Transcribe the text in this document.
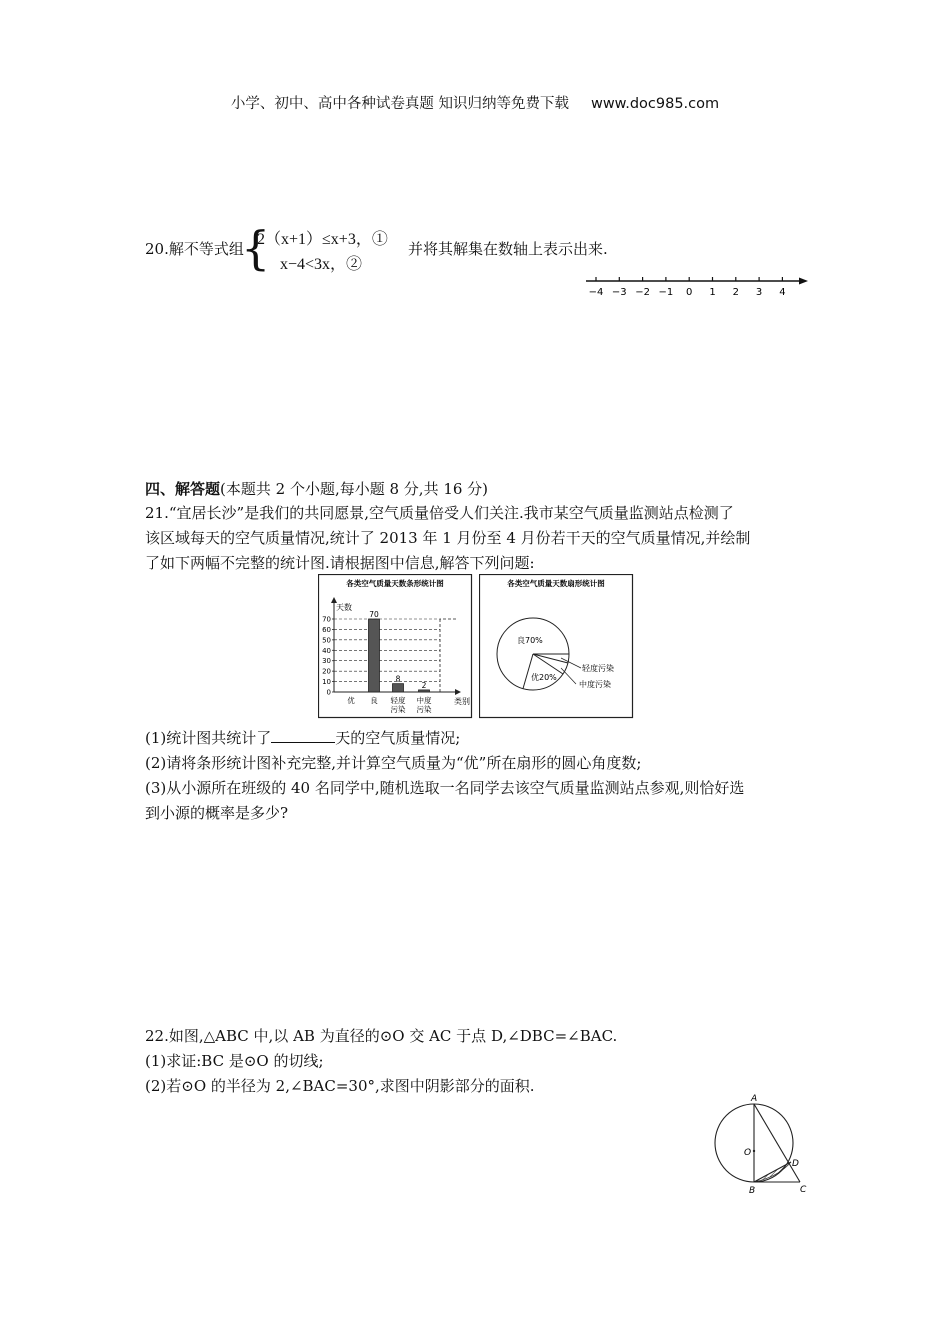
小学、初中、高中各种试卷真题 知识归纳等免费下载 www.doc985.com
20.解不等式组
{
2（x+1）≤x+3，①
x−4<3x，②
并将其解集在数轴上表示出来.
−4 −3 −2 −1 0 1 2 3 4
四、解答题(本题共 2 个小题,每小题 8 分,共 16 分)
21.“宜居长沙”是我们的共同愿景,空气质量倍受人们关注.我市某空气质量监测站点检测了
该区域每天的空气质量情况,统计了 2013 年 1 月份至 4 月份若干天的空气质量情况,并绘制
了如下两幅不完整的统计图.请根据图中信息,解答下列问题:
各类空气质量天数条形统计图
天数
类别
0
10
20
30
40
50
60
70
70
8
2
优 良 轻度
污染
中度
污染
各类空气质量天数扇形统计图
良70%
优20%
轻度污染
中度污染
(1)统计图共统计了	天的空气质量情况;
(2)请将条形统计图补充完整,并计算空气质量为“优”所在扇形的圆心角度数;
(3)从小源所在班级的 40 名同学中,随机选取一名同学去该空气质量监测站点参观,则恰好选
到小源的概率是多少?
22.如图,△ABC 中,以 AB 为直径的⊙O 交 AC 于点 D,∠DBC=∠BAC.
(1)求证:BC 是⊙O 的切线;
(2)若⊙O 的半径为 2,∠BAC=30°,求图中阴影部分的面积.
A
O
D
B	C
